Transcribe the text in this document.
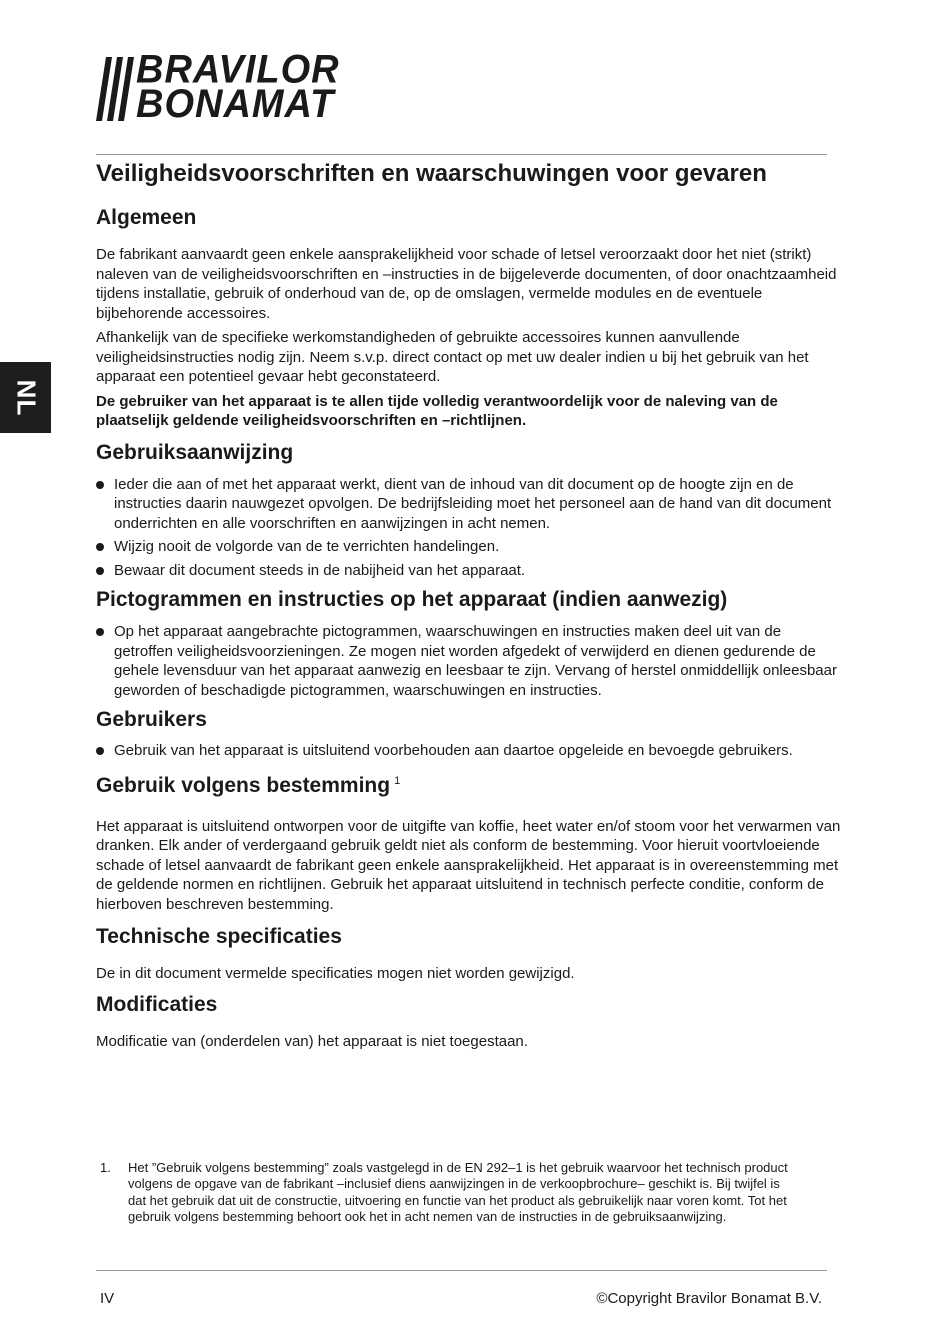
BRAVILOR
BONAMAT
NL
Veiligheidsvoorschriften en waarschuwingen voor gevaren
Algemeen

De fabrikant aanvaardt geen enkele aansprakelijkheid voor schade of letsel veroorzaakt door het niet (strikt) naleven van de veiligheidsvoorschriften en –instructies in de bijgeleverde documenten, of door onachtzaamheid tijdens installatie, gebruik of onderhoud van de, op de omslagen, vermelde modules en de eventuele bijbehorende accessoires.

Afhankelijk van de specifieke werkomstandigheden of gebruikte accessoires kunnen aanvullende veiligheidsinstructies nodig zijn. Neem s.v.p. direct contact op met uw dealer indien u bij het gebruik van het apparaat een potentieel gevaar hebt geconstateerd.

De gebruiker van het apparaat is te allen tijde volledig verantwoordelijk voor de naleving van de plaatselijk geldende veiligheidsvoorschriften en –richtlijnen.

Gebruiksaanwijzing
Ieder die aan of met het apparaat werkt, dient van de inhoud van dit document op de hoogte zijn en de instructies daarin nauwgezet opvolgen. De bedrijfsleiding moet het personeel aan de hand van dit document onderrichten en alle voorschriften en aanwijzingen in acht nemen.
Wijzig nooit de volgorde van de te verrichten handelingen.
Bewaar dit document steeds in de nabijheid van het apparaat.
Pictogrammen en instructies op het apparaat (indien aanwezig)
Op het apparaat aangebrachte pictogrammen, waarschuwingen en instructies maken deel uit van de getroffen veiligheidsvoorzieningen. Ze mogen niet worden afgedekt of verwijderd en dienen gedurende de gehele levensduur van het apparaat aanwezig en leesbaar te zijn. Vervang of herstel onmiddellijk onleesbaar geworden of beschadigde pictogrammen, waarschuwingen en instructies.
Gebruikers
Gebruik van het apparaat is uitsluitend voorbehouden aan daartoe opgeleide en bevoegde gebruikers.
Gebruik volgens bestemming $^1$

Het apparaat is uitsluitend ontworpen voor de uitgifte van koffie, heet water en/of stoom voor het verwarmen van dranken. Elk ander of verdergaand gebruik geldt niet als conform de bestemming. Voor hieruit voortvloeiende schade of letsel aanvaardt de fabrikant geen enkele aansprakelijkheid. Het apparaat is in overeenstemming met de geldende normen en richtlijnen. Gebruik het apparaat uitsluitend in technisch perfecte conditie, conform de hierboven beschreven bestemming.

Technische specificaties

De in dit document vermelde specificaties mogen niet worden gewijzigd.

Modificaties

Modificatie van (onderdelen van) het apparaat is niet toegestaan.

1.	Het ”Gebruik volgens bestemming” zoals vastgelegd in de EN 292–1 is het gebruik waarvoor het technisch product volgens de opgave van de fabrikant –inclusief diens aanwijzingen in de verkoopbrochure– geschikt is. Bij twijfel is dat het gebruik dat uit de constructie, uitvoering en functie van het product als gebruikelijk naar voren komt. Tot het gebruik volgens bestemming behoort ook het in acht nemen van de instructies in de gebruiksaanwijzing.
IV	©Copyright Bravilor Bonamat B.V.
